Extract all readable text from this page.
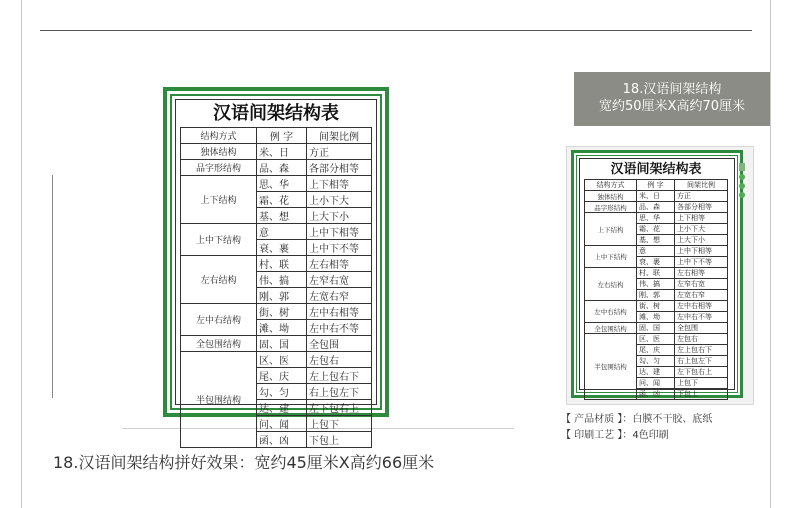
汉语间架结构表
结构方式	例 字	间架比例
独体结构	米、日	方正
品字形结构	品、森	各部分相等
上下结构	思、华	上下相等
	霜、花	上小下大
	基、想	上大下小
上中下结构	意	上中下相等
	衰、裹	上中下不等
左右结构	村、联	左右相等
	伟、搞	左窄右宽
	刚、郭	左宽右窄
左中右结构	街、树	左中右相等
	滩、坳	左中右不等
全包围结构	固、国	全包围
半包围结构	区、医	左包右
	尾、庆	左上包右下
	勾、匀	右上包左下
	达、建	左下包右上
	问、闻	上包下
	函、凶	下包上
18.汉语间架结构拼好效果：宽约45厘米X高约66厘米
18.汉语间架结构
宽约50厘米X高约70厘米
汉语间架结构表
结构方式	例 字	间架比例
独体结构	米、日	方正
品字形结构	品、森	各部分相等
上下结构	思、华	上下相等
	霜、花	上小下大
	基、想	上大下小
上中下结构	意	上中下相等
	衰、裹	上中下不等
左右结构	村、联	左右相等
	伟、搞	左窄右宽
	刚、郭	左宽右窄
左中右结构	街、树	左中右相等
	滩、坳	左中右不等
全包围结构	固、国	全包围
半包围结构	区、医	左包右
	尾、庆	左上包右下
	勾、匀	右上包左下
	达、建	左下包右上
	问、闻	上包下
	函、凶	下包上
【 产品材质 】：白膜不干胶、底纸
【 印刷工艺 】：4色印刷
